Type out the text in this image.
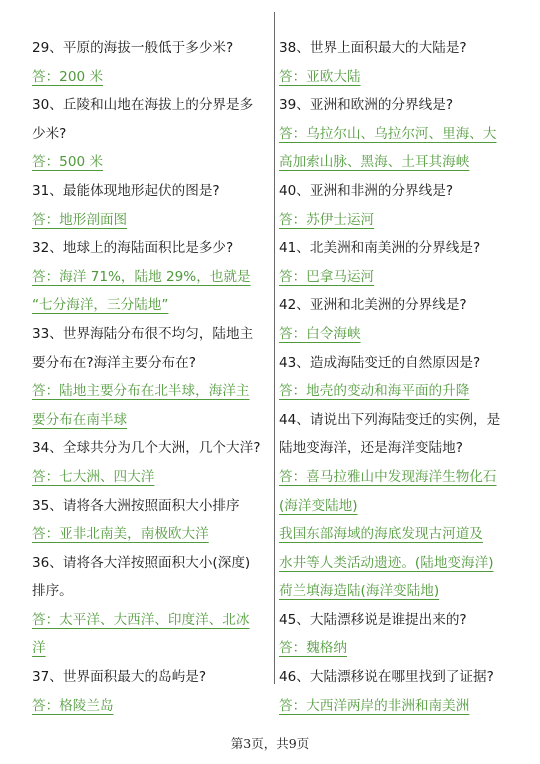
29、平原的海拔一般低于多少米?
答：200 米
30、丘陵和山地在海拔上的分界是多
少米?
答：500 米
31、最能体现地形起伏的图是?
答：地形剖面图
32、地球上的海陆面积比是多少?
答：海洋 71%，陆地 29%，也就是
“七分海洋，三分陆地”
33、世界海陆分布很不均匀，陆地主
要分布在?海洋主要分布在?
答：陆地主要分布在北半球，海洋主
要分布在南半球
34、全球共分为几个大洲，几个大洋?
答：七大洲、四大洋
35、请将各大洲按照面积大小排序
答：亚非北南美，南极欧大洋
36、请将各大洋按照面积大小(深度)
排序。
答：太平洋、大西洋、印度洋、北冰
洋
37、世界面积最大的岛屿是?
答：格陵兰岛
38、世界上面积最大的大陆是?
答：亚欧大陆
39、亚洲和欧洲的分界线是?
答：乌拉尔山、乌拉尔河、里海、大
高加索山脉、黑海、土耳其海峡
40、亚洲和非洲的分界线是?
答：苏伊士运河
41、北美洲和南美洲的分界线是?
答：巴拿马运河
42、亚洲和北美洲的分界线是?
答：白令海峡
43、造成海陆变迁的自然原因是?
答：地壳的变动和海平面的升降
44、请说出下列海陆变迁的实例，是
陆地变海洋，还是海洋变陆地?
答：喜马拉雅山中发现海洋生物化石
(海洋变陆地)
我国东部海域的海底发现古河道及
水井等人类活动遗迹。(陆地变海洋)
荷兰填海造陆(海洋变陆地)
45、大陆漂移说是谁提出来的?
答：魏格纳
46、大陆漂移说在哪里找到了证据?
答：大西洋两岸的非洲和南美洲
第3页，共9页
